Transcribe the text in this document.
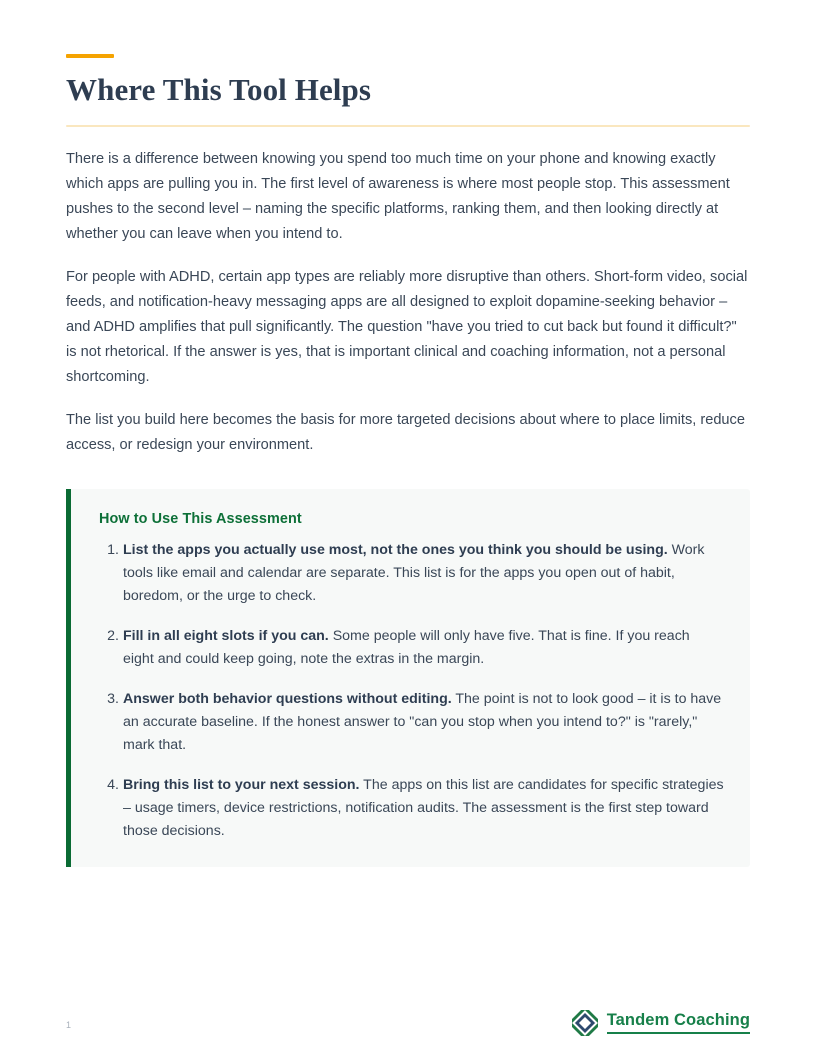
Where This Tool Helps

There is a difference between knowing you spend too much time on your phone and knowing exactly which apps are pulling you in. The first level of awareness is where most people stop. This assessment pushes to the second level – naming the specific platforms, ranking them, and then looking directly at whether you can leave when you intend to.

For people with ADHD, certain app types are reliably more disruptive than others. Short-form video, social feeds, and notification-heavy messaging apps are all designed to exploit dopamine-seeking behavior – and ADHD amplifies that pull significantly. The question "have you tried to cut back but found it difficult?" is not rhetorical. If the answer is yes, that is important clinical and coaching information, not a personal shortcoming.

The list you build here becomes the basis for more targeted decisions about where to place limits, reduce access, or redesign your environment.

How to Use This Assessment
List the apps you actually use most, not the ones you think you should be using. Work tools like email and calendar are separate. This list is for the apps you open out of habit, boredom, or the urge to check.
Fill in all eight slots if you can. Some people will only have five. That is fine. If you reach eight and could keep going, note the extras in the margin.
Answer both behavior questions without editing. The point is not to look good – it is to have an accurate baseline. If the honest answer to "can you stop when you intend to?" is "rarely," mark that.
Bring this list to your next session. The apps on this list are candidates for specific strategies – usage timers, device restrictions, notification audits. The assessment is the first step toward those decisions.
1	Tandem Coaching
